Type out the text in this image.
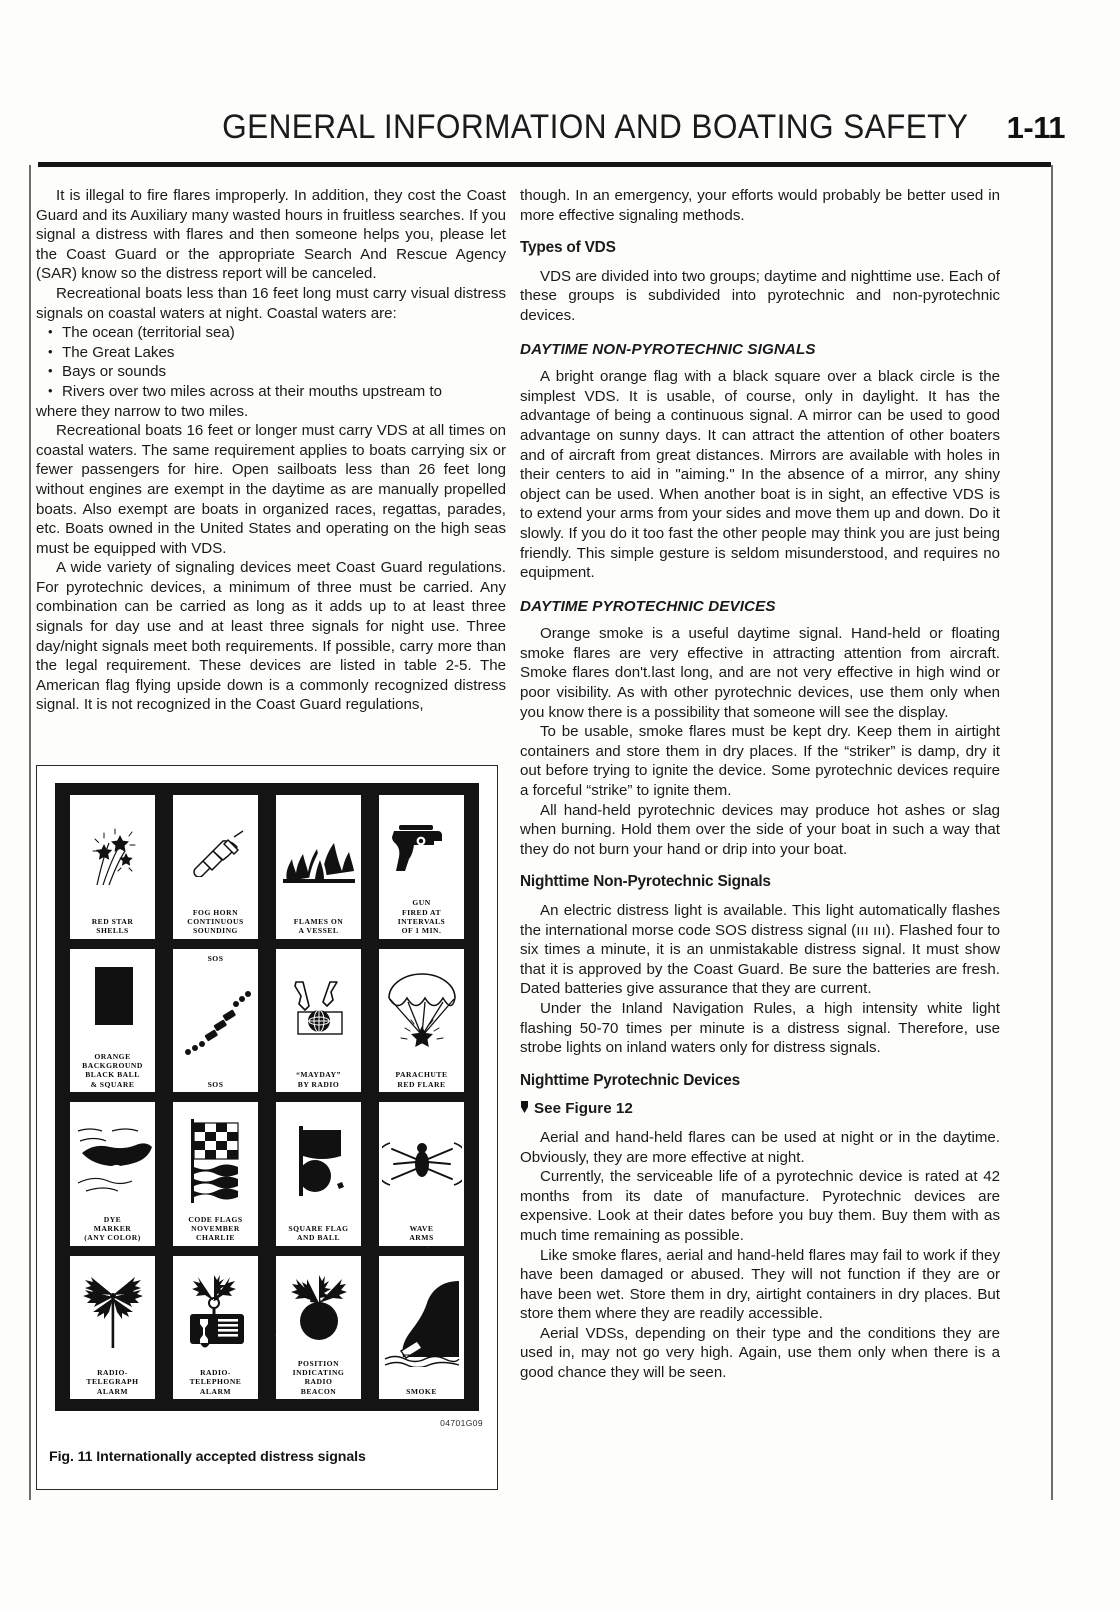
GENERAL INFORMATION AND BOATING SAFETY 1-11

It is illegal to fire flares improperly. In addition, they cost the Coast Guard and its Auxiliary many wasted hours in fruitless searches. If you signal a distress with flares and then someone helps you, please let the Coast Guard or the appropriate Search And Rescue Agency (SAR) know so the distress report will be canceled.

Recreational boats less than 16 feet long must carry visual distress signals on coastal waters at night. Coastal waters are:

• The ocean (territorial sea)
• The Great Lakes
• Bays or sounds
• Rivers over two miles across at their mouths upstream to

where they narrow to two miles.

Recreational boats 16 feet or longer must carry VDS at all times on coastal waters. The same requirement applies to boats carrying six or fewer passengers for hire. Open sailboats less than 26 feet long without engines are exempt in the daytime as are manually propelled boats. Also exempt are boats in organized races, regattas, parades, etc. Boats owned in the United States and operating on the high seas must be equipped with VDS.

A wide variety of signaling devices meet Coast Guard regulations. For pyrotechnic devices, a minimum of three must be carried. Any combination can be carried as long as it adds up to at least three signals for day use and at least three signals for night use. Three day/night signals meet both requirements. If possible, carry more than the legal requirement. These devices are listed in table 2-5. The American flag flying upside down is a commonly recognized distress signal. It is not recognized in the Coast Guard regulations,

though. In an emergency, your efforts would probably be better used in more effective signaling methods.

Types of VDS

VDS are divided into two groups; daytime and nighttime use. Each of these groups is subdivided into pyrotechnic and non-pyrotechnic devices.

DAYTIME NON-PYROTECHNIC SIGNALS

A bright orange flag with a black square over a black circle is the simplest VDS. It is usable, of course, only in daylight. It has the advantage of being a continuous signal. A mirror can be used to good advantage on sunny days. It can attract the attention of other boaters and of aircraft from great distances. Mirrors are available with holes in their centers to aid in "aiming." In the absence of a mirror, any shiny object can be used. When another boat is in sight, an effective VDS is to extend your arms from your sides and move them up and down. Do it slowly. If you do it too fast the other people may think you are just being friendly. This simple gesture is seldom misunderstood, and requires no equipment.

DAYTIME PYROTECHNIC DEVICES

Orange smoke is a useful daytime signal. Hand-held or floating smoke flares are very effective in attracting attention from aircraft. Smoke flares don't.last long, and are not very effective in high wind or poor visibility. As with other pyrotechnic devices, use them only when you know there is a possibility that someone will see the display.

To be usable, smoke flares must be kept dry. Keep them in airtight containers and store them in dry places. If the “striker” is damp, dry it out before trying to ignite the device. Some pyrotechnic devices require a forceful “strike” to ignite them.

All hand-held pyrotechnic devices may produce hot ashes or slag when burning. Hold them over the side of your boat in such a way that they do not burn your hand or drip into your boat.

Nighttime Non-Pyrotechnic Signals

An electric distress light is available. This light automatically flashes the international morse code SOS distress signal (ııı ııı). Flashed four to six times a minute, it is an unmistakable distress signal. It must show that it is approved by the Coast Guard. Be sure the batteries are fresh. Dated batteries give assurance that they are current.

Under the Inland Navigation Rules, a high intensity white light flashing 50-70 times per minute is a distress signal. Therefore, use strobe lights on inland waters only for distress signals.

Nighttime Pyrotechnic Devices
See Figure 12

Aerial and hand-held flares can be used at night or in the daytime. Obviously, they are more effective at night.

Currently, the serviceable life of a pyrotechnic device is rated at 42 months from its date of manufacture. Pyrotechnic devices are expensive. Look at their dates before you buy them. Buy them with as much time remaining as possible.

Like smoke flares, aerial and hand-held flares may fail to work if they have been damaged or abused. They will not function if they are or have been wet. Store them in dry, airtight containers in dry places. But store them where they are readily accessible.

Aerial VDSs, depending on their type and the conditions they are used in, may not go very high. Again, use them only when there is a good chance they will be seen.

RED STAR
SHELLS
FOG HORN
CONTINUOUS
SOUNDING
FLAMES ON
A VESSEL
GUN
FIRED AT
INTERVALS
OF 1 MIN.
ORANGE
BACKGROUND
BLACK BALL
& SQUARE
SOS
SOS
“MAYDAY”
BY RADIO
PARACHUTE
RED FLARE
DYE
MARKER
(ANY COLOR)
CODE FLAGS
NOVEMBER
CHARLIE
SQUARE FLAG
AND BALL
WAVE
ARMS
RADIO-
TELEGRAPH
ALARM
RADIO-
TELEPHONE
ALARM
POSITION
INDICATING
RADIO
BEACON	SMOKE
04701G09
Fig. 11 Internationally accepted distress signals
